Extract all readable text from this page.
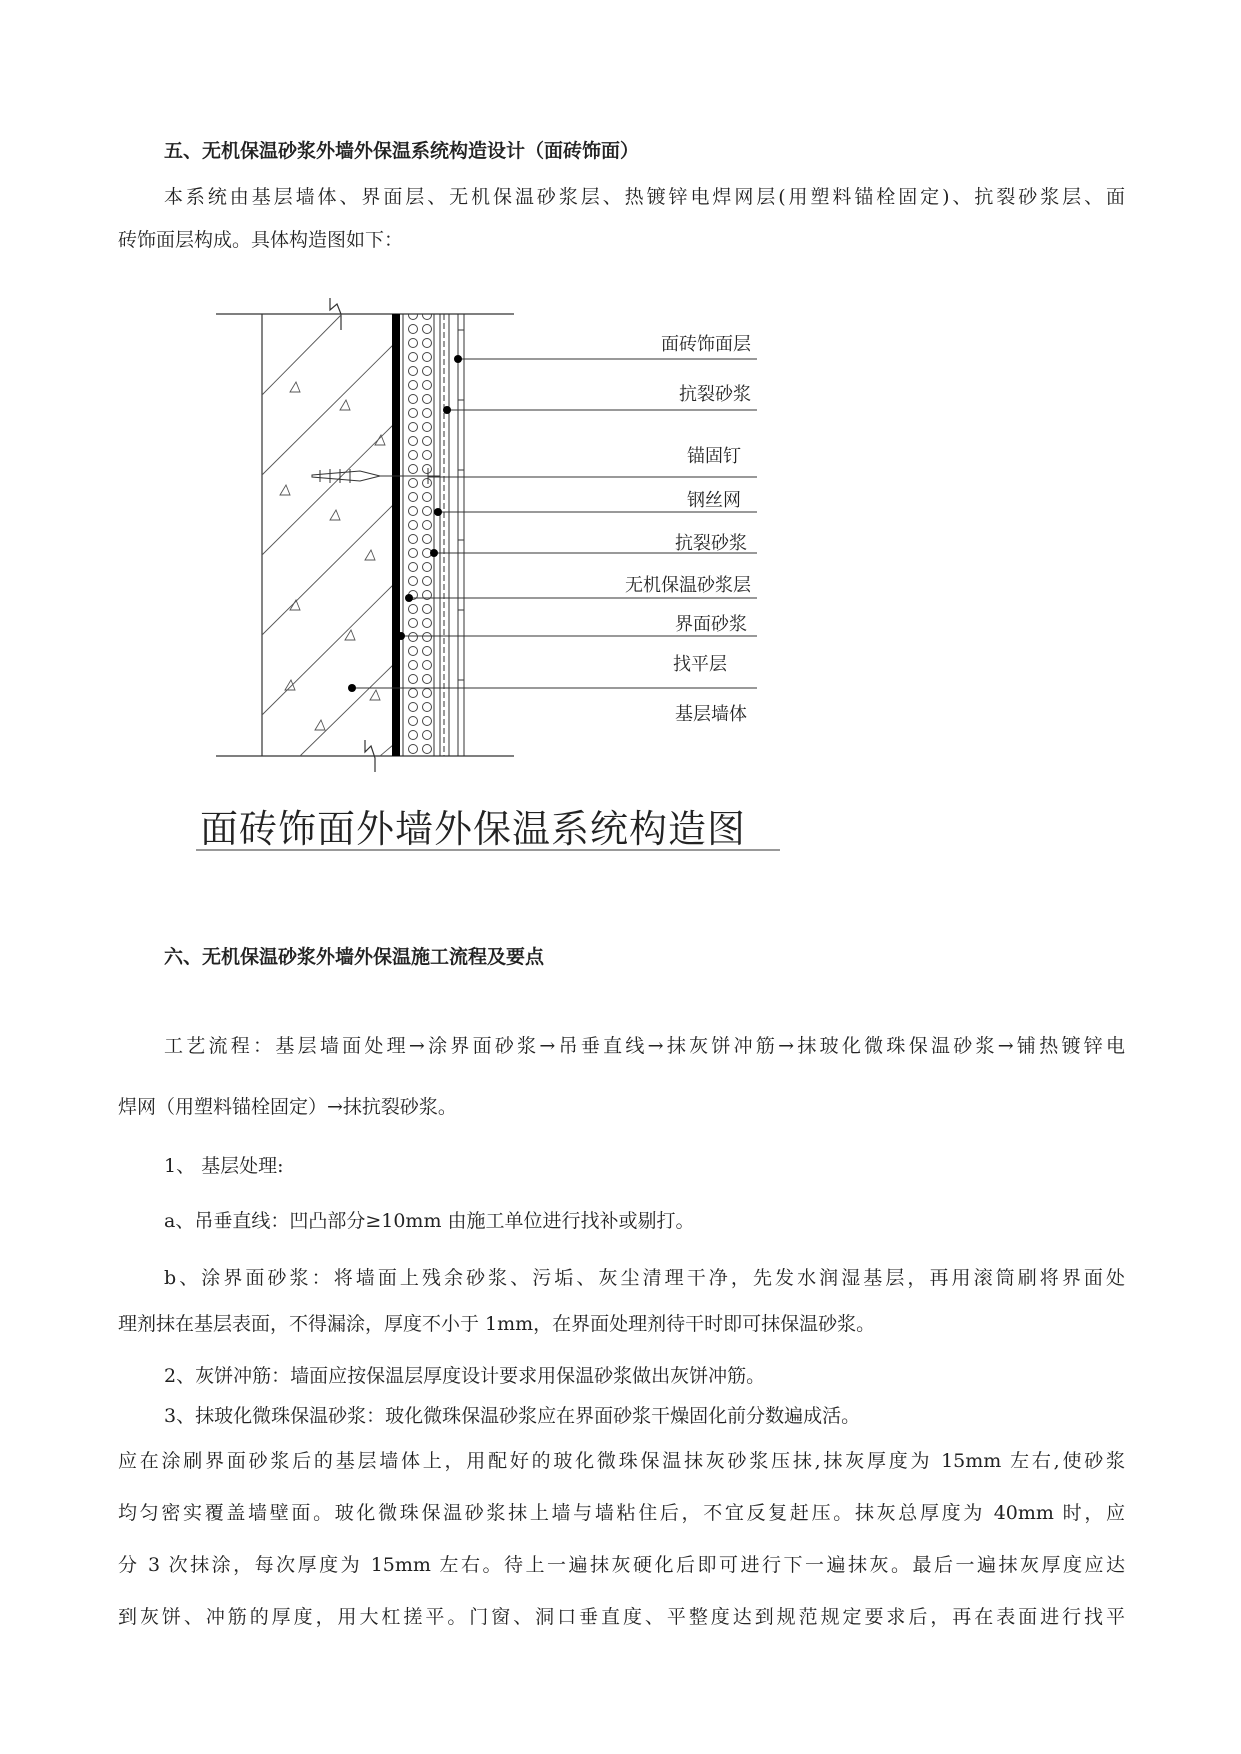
五、无机保温砂浆外墙外保温系统构造设计（面砖饰面）
本系统由基层墙体、界面层、无机保温砂浆层、热镀锌电焊网层(用塑料锚栓固定)、抗裂砂浆层、面
砖饰面层构成。具体构造图如下：
面砖饰面层
抗裂砂浆
锚固钉
钢丝网
抗裂砂浆
无机保温砂浆层
界面砂浆
找平层
基层墙体
面砖饰面外墙外保温系统构造图
六、无机保温砂浆外墙外保温施工流程及要点
工艺流程：基层墙面处理→涂界面砂浆→吊垂直线→抹灰饼冲筋→抹玻化微珠保温砂浆→铺热镀锌电
焊网（用塑料锚栓固定）→抹抗裂砂浆。
1、 基层处理:
a、吊垂直线：凹凸部分≥10mm 由施工单位进行找补或剔打。
b、涂界面砂浆：将墙面上残余砂浆、污垢、灰尘清理干净，先发水润湿基层，再用滚筒刷将界面处
理剂抹在基层表面，不得漏涂，厚度不小于 1mm，在界面处理剂待干时即可抹保温砂浆。
2、灰饼冲筋：墙面应按保温层厚度设计要求用保温砂浆做出灰饼冲筋。
3、抹玻化微珠保温砂浆：玻化微珠保温砂浆应在界面砂浆干燥固化前分数遍成活。
应在涂刷界面砂浆后的基层墙体上，用配好的玻化微珠保温抹灰砂浆压抹,抹灰厚度为 15mm 左右,使砂浆
均匀密实覆盖墙壁面。玻化微珠保温砂浆抹上墙与墙粘住后，不宜反复赶压。抹灰总厚度为 40mm 时，应
分 3 次抹涂，每次厚度为 15mm 左右。待上一遍抹灰硬化后即可进行下一遍抹灰。最后一遍抹灰厚度应达
到灰饼、冲筋的厚度，用大杠搓平。门窗、洞口垂直度、平整度达到规范规定要求后，再在表面进行找平
